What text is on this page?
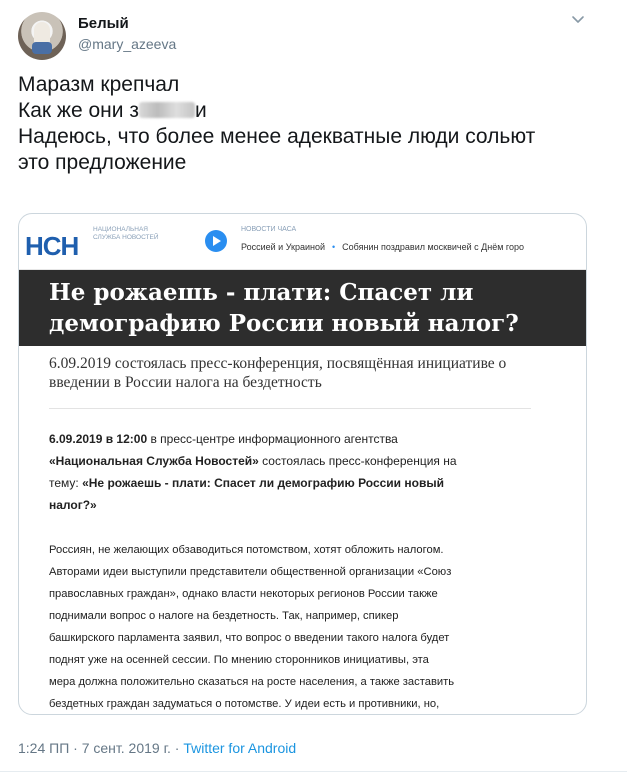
Белый
@mary_azeeva
Маразм крепчал
Как же они з	и
Надеюсь, что более менее адекватные люди сольют
это предложение
НСН
НАЦИОНАЛЬНАЯ СЛУЖБА НОВОСТЕЙ
НОВОСТИ ЧАСА
Россией и Украиной • Собянин поздравил москвичей с Днём горо
Не рожаешь - плати: Спасет ли демографию России новый налог?
6.09.2019 состоялась пресс-конференция, посвящённая инициативе о введении в России налога на бездетность
6.09.2019 в 12:00 в пресс-центре информационного агентства
«Национальная Служба Новостей» состоялась пресс-конференция на
тему: «Не рожаешь - плати: Спасет ли демографию России новый
налог?»
Россиян, не желающих обзаводиться потомством, хотят обложить налогом.
Авторами идеи выступили представители общественной организации «Союз
православных граждан», однако власти некоторых регионов России также
поднимали вопрос о налоге на бездетность. Так, например, спикер
башкирского парламента заявил, что вопрос о введении такого налога будет
поднят уже на осенней сессии. По мнению сторонников инициативы, эта
мера должна положительно сказаться на росте населения, а также заставить
бездетных граждан задуматься о потомстве. У идеи есть и противники, но,
1:24 ПП · 7 сент. 2019 г. · Twitter for Android
